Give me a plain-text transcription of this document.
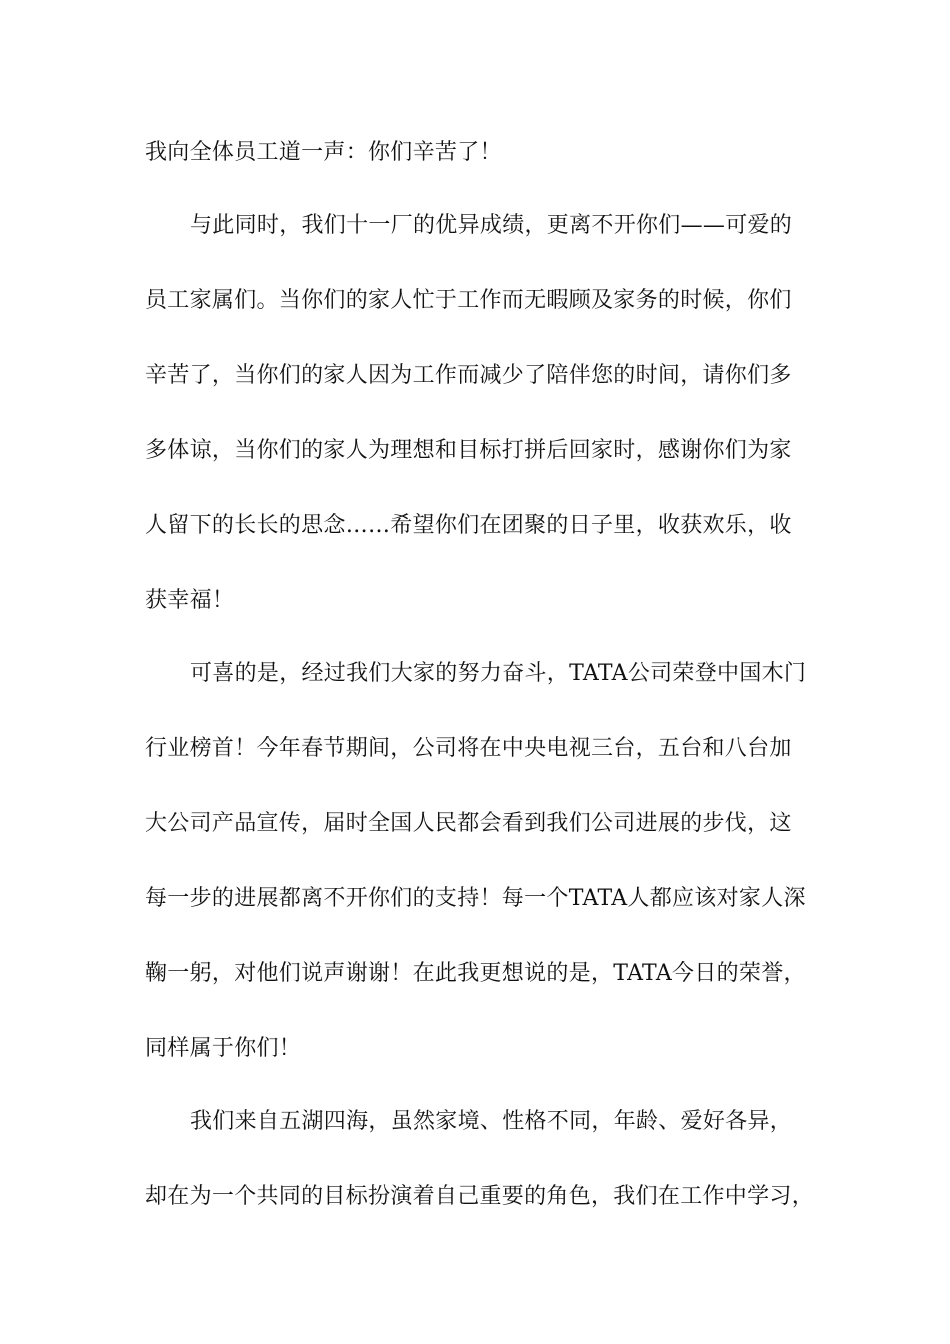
我向全体员工道一声：你们辛苦了！
与此同时，我们十一厂的优异成绩，更离不开你们——可爱的
员工家属们。当你们的家人忙于工作而无暇顾及家务的时候，你们
辛苦了，当你们的家人因为工作而减少了陪伴您的时间，请你们多
多体谅，当你们的家人为理想和目标打拼后回家时，感谢你们为家
人留下的长长的思念……希望你们在团聚的日子里，收获欢乐，收
获幸福！
可喜的是，经过我们大家的努力奋斗，TATA公司荣登中国木门
行业榜首！今年春节期间，公司将在中央电视三台，五台和八台加
大公司产品宣传，届时全国人民都会看到我们公司进展的步伐，这
每一步的进展都离不开你们的支持！每一个TATA人都应该对家人深
鞠一躬，对他们说声谢谢！在此我更想说的是，TATA今日的荣誉，
同样属于你们！
我们来自五湖四海，虽然家境、性格不同，年龄、爱好各异，
却在为一个共同的目标扮演着自己重要的角色，我们在工作中学习，
